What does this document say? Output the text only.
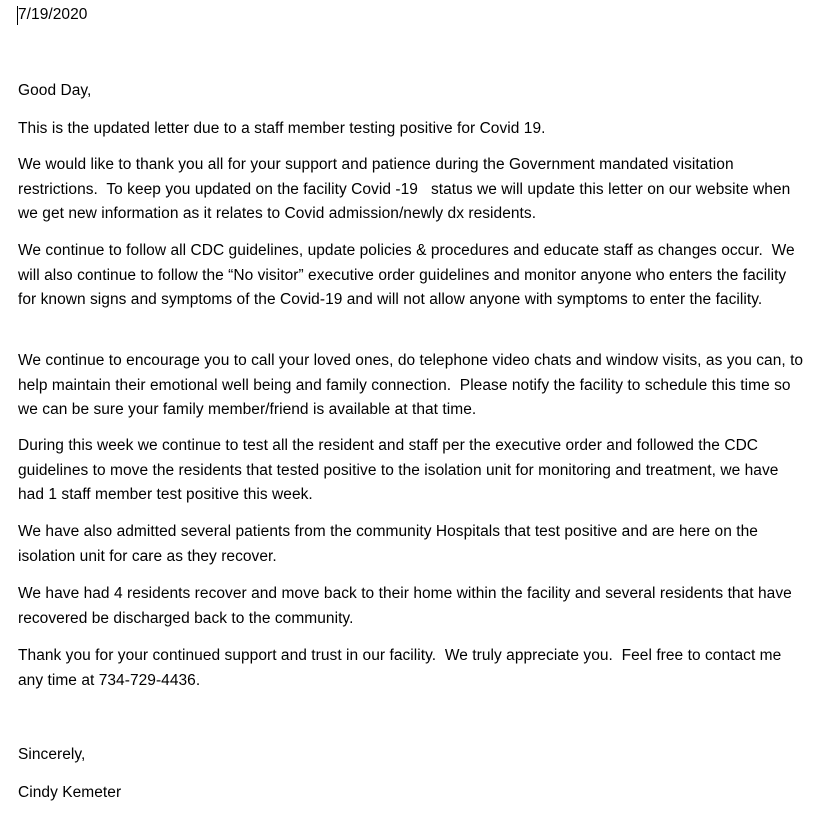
7/19/2020
Good Day,
This is the updated letter due to a staff member testing positive for Covid 19.
We would like to thank you all for your support and patience during the Government mandated visitation restrictions.  To keep you updated on the facility Covid -19   status we will update this letter on our website when we get new information as it relates to Covid admission/newly dx residents.
We continue to follow all CDC guidelines, update policies & procedures and educate staff as changes occur.  We will also continue to follow the “No visitor” executive order guidelines and monitor anyone who enters the facility for known signs and symptoms of the Covid-19 and will not allow anyone with symptoms to enter the facility.
We continue to encourage you to call your loved ones, do telephone video chats and window visits, as you can, to help maintain their emotional well being and family connection.  Please notify the facility to schedule this time so we can be sure your family member/friend is available at that time.
During this week we continue to test all the resident and staff per the executive order and followed the CDC guidelines to move the residents that tested positive to the isolation unit for monitoring and treatment, we have had 1 staff member test positive this week.
We have also admitted several patients from the community Hospitals that test positive and are here on the isolation unit for care as they recover.
We have had 4 residents recover and move back to their home within the facility and several residents that have recovered be discharged back to the community.
Thank you for your continued support and trust in our facility.  We truly appreciate you.  Feel free to contact me any time at 734-729-4436.
Sincerely,
Cindy Kemeter
